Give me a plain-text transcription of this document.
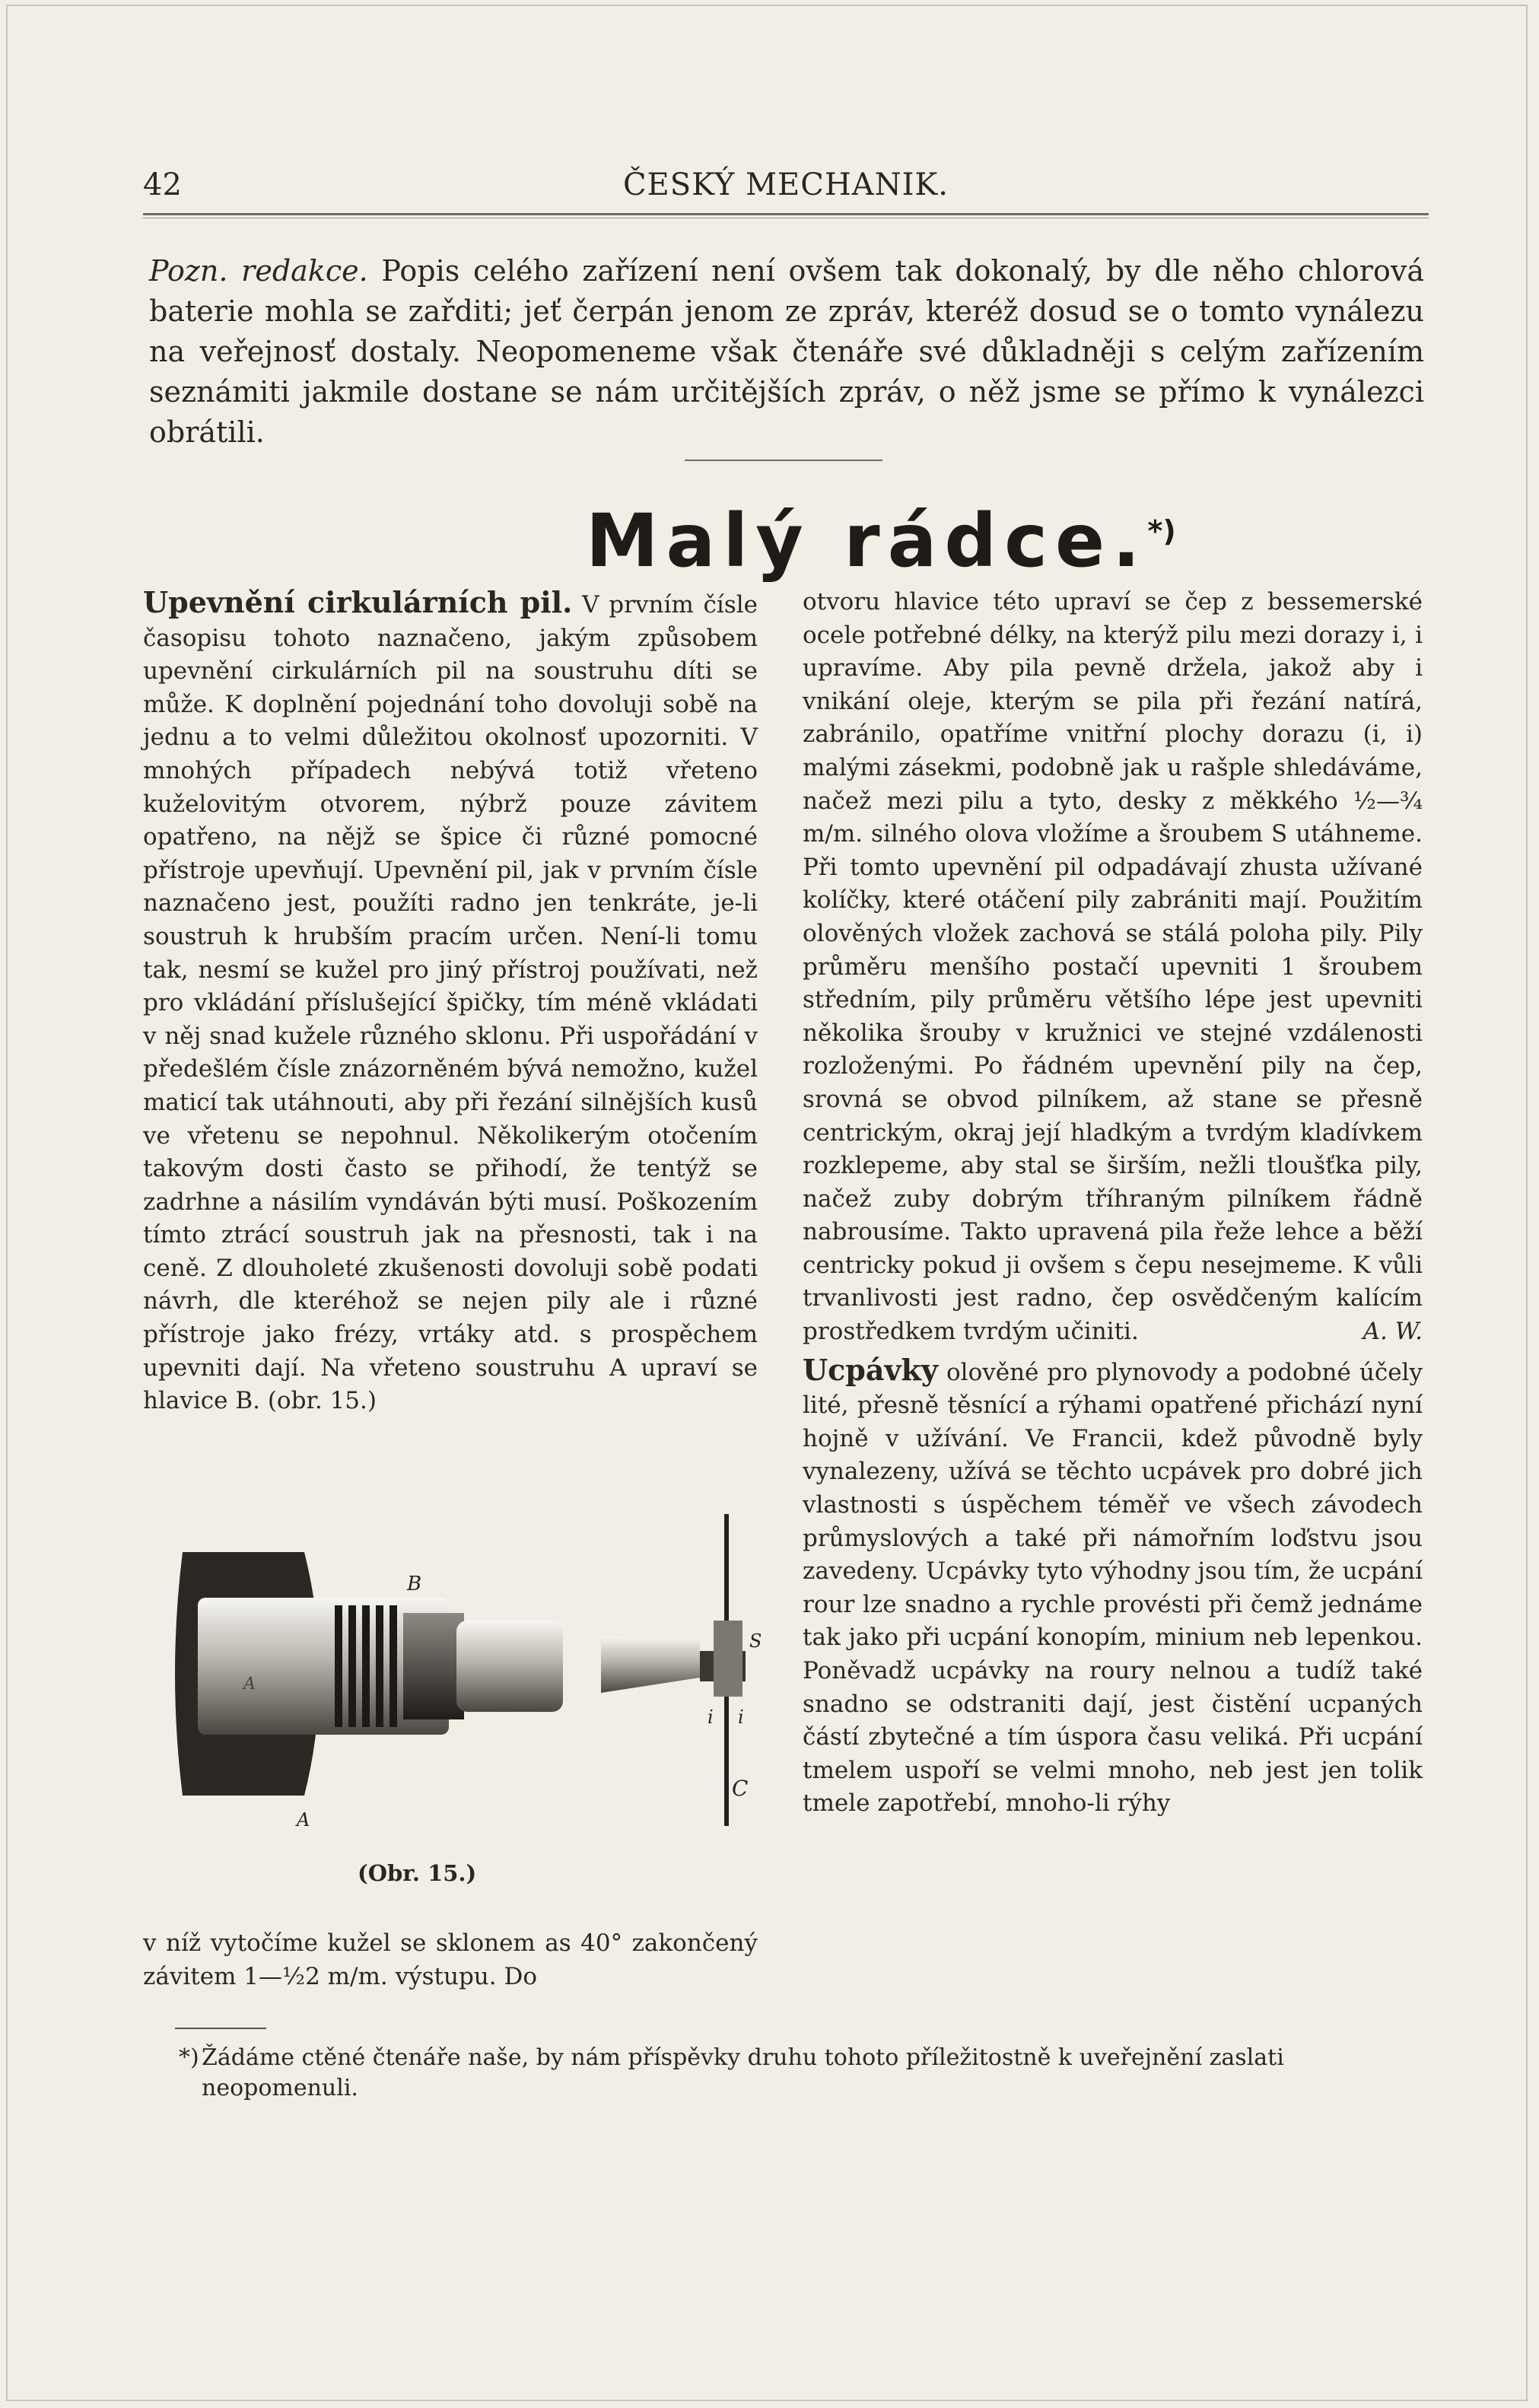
42	ČESKÝ MECHANIK.
Pozn. redakce. Popis celého zařízení není ovšem tak dokonalý, by dle něho chlorová baterie mohla se zařditi; jeť čerpán jenom ze zpráv, kteréž dosud se o tomto vynálezu na veřejnosť dostaly. Neopomeneme však čtenáře své důkladněji s celým zařízením seznámiti jakmile dostane se nám určitějších zpráv, o něž jsme se přímo k vynálezci obrátili.
Malý rádce.*)
Upevnění cirkulárních pil. V prvním čísle časopisu tohoto naznačeno, jakým způsobem upevnění cirkulárních pil na soustruhu díti se může. K doplnění pojednání toho dovoluji sobě na jednu a to velmi důležitou okolnosť upozorniti. V mnohých případech nebývá totiž vřeteno kuželovitým otvorem, nýbrž pouze závitem opatřeno, na nějž se špice či různé pomocné přístroje upevňují. Upevnění pil, jak v prvním čísle naznačeno jest, použíti radno jen tenkráte, je-li soustruh k hrubším pracím určen. Není-li tomu tak, nesmí se kužel pro jiný přístroj používati, než pro vkládání příslušející špičky, tím méně vkládati v něj snad kužele různého sklonu. Při uspořádání v předešlém čísle znázorněném bývá nemožno, kužel maticí tak utáhnouti, aby při řezání silnějších kusů ve vřetenu se nepohnul. Několikerým otočením takovým dosti často se přihodí, že tentýž se zadrhne a násilím vyndáván býti musí. Poškozením tímto ztrácí soustruh jak na přesnosti, tak i na ceně. Z dlouholeté zkušenosti dovoluji sobě podati návrh, dle kteréhož se nejen pily ale i různé přístroje jako frézy, vrtáky atd. s prospěchem upevniti dají. Na vřeteno soustruhu A upraví se hlavice B. (obr. 15.)
B
A
A
S
i i
C
(Obr. 15.)
v níž vytočíme kužel se sklonem as 40° zakončený závitem 1—½2 m/m. výstupu. Do
otvoru hlavice této upraví se čep z bessemerské ocele potřebné délky, na kterýž pilu mezi dorazy i, i upravíme. Aby pila pevně držela, jakož aby i vnikání oleje, kterým se pila při řezání natírá, zabránilo, opatříme vnitřní plochy dorazu (i, i) malými zásekmi, podobně jak u rašple shledáváme, načež mezi pilu a tyto, desky z měkkého ½—¾ m/m. silného olova vložíme a šroubem S utáhneme. Při tomto upevnění pil odpadávají zhusta užívané kolíčky, které otáčení pily zabrániti mají. Použitím olověných vložek zachová se stálá poloha pily. Pily průměru menšího postačí upevniti 1 šroubem středním, pily průměru většího lépe jest upevniti několika šrouby v kružnici ve stejné vzdálenosti rozloženými. Po řádném upevnění pily na čep, srovná se obvod pilníkem, až stane se přesně centrickým, okraj její hladkým a tvrdým kladívkem rozklepeme, aby stal se širším, nežli tloušťka pily, načež zuby dobrým tříhraným pilníkem řádně nabrousíme. Takto upravená pila řeže lehce a běží centricky pokud ji ovšem s čepu nesejmeme. K vůli trvanlivosti jest radno, čep osvědčeným kalícím prostředkem tvrdým učiniti.	A. W.
Ucpávky olověné pro plynovody a podobné účely lité, přesně těsnící a rýhami opatřené přichází nyní hojně v užívání. Ve Francii, kdež původně byly vynalezeny, užívá se těchto ucpávek pro dobré jich vlastnosti s úspěchem téměř ve všech závodech průmyslových a také při námořním loďstvu jsou zavedeny. Ucpávky tyto výhodny jsou tím, že ucpání rour lze snadno a rychle provésti při čemž jednáme tak jako při ucpání konopím, minium neb lepenkou. Poněvadž ucpávky na roury nelnou a tudíž také snadno se odstraniti dají, jest čistění ucpaných částí zbytečné a tím úspora času veliká. Při ucpání tmelem uspoří se velmi mnoho, neb jest jen tolik tmele zapotřebí, mnoho-li rýhy
*) Žádáme ctěné čtenáře naše, by nám příspěvky druhu tohoto příležitostně k uveřejnění zaslati neopomenuli.
